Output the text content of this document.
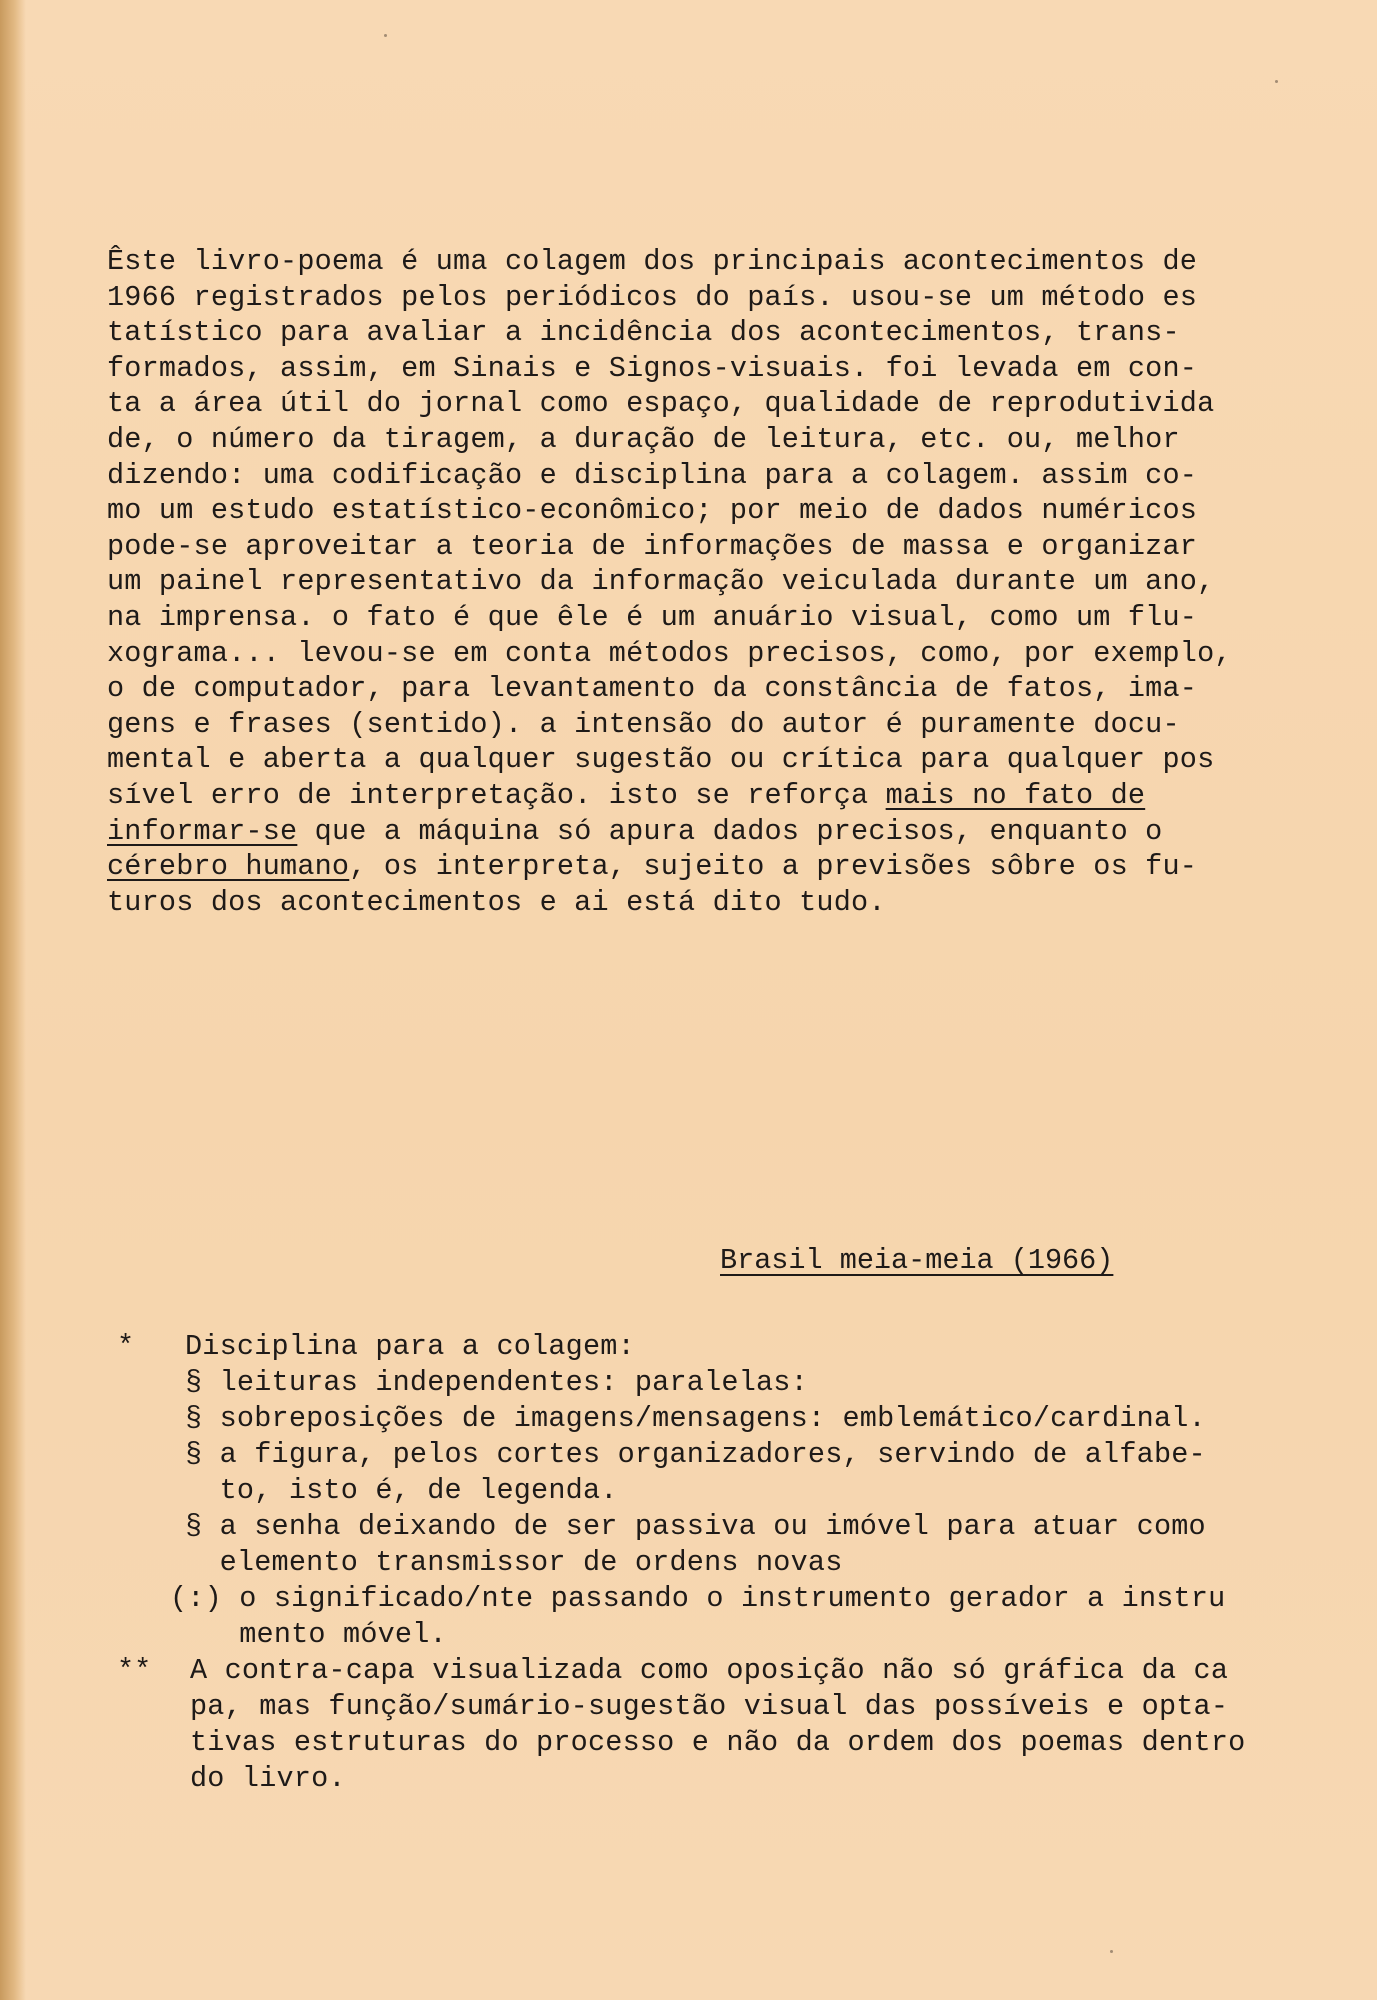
Êste livro-poema é uma colagem dos principais acontecimentos de
1966 registrados pelos periódicos do país. usou-se um método es
tatístico para avaliar a incidência dos acontecimentos, trans-
formados, assim, em Sinais e Signos-visuais. foi levada em con-
ta a área útil do jornal como espaço, qualidade de reprodutivida
de, o número da tiragem, a duração de leitura, etc. ou, melhor
dizendo: uma codificação e disciplina para a colagem. assim co-
mo um estudo estatístico-econômico; por meio de dados numéricos
pode-se aproveitar a teoria de informações de massa e organizar
um painel representativo da informação veiculada durante um ano,
na imprensa. o fato é que êle é um anuário visual, como um flu-
xograma... levou-se em conta métodos precisos, como, por exemplo,
o de computador, para levantamento da constância de fatos, ima-
gens e frases (sentido). a intensão do autor é puramente docu-
mental e aberta a qualquer sugestão ou crítica para qualquer pos
sível erro de interpretação. isto se reforça mais no fato de
informar-se que a máquina só apura dados precisos, enquanto o
cérebro humano, os interpreta, sujeito a previsões sôbre os fu-
turos dos acontecimentos e ai está dito tudo.
Brasil meia-meia (1966)
* Disciplina para a colagem:
§ leituras independentes: paralelas:
§ sobreposições de imagens/mensagens: emblemático/cardinal.
§ a figura, pelos cortes organizadores, servindo de alfabe-
to, isto é, de legenda.
§ a senha deixando de ser passiva ou imóvel para atuar como
elemento transmissor de ordens novas
(:) o significado/nte passando o instrumento gerador a instru
mento móvel.
** A contra-capa visualizada como oposição não só gráfica da ca
pa, mas função/sumário-sugestão visual das possíveis e opta-
tivas estruturas do processo e não da ordem dos poemas dentro
do livro.
